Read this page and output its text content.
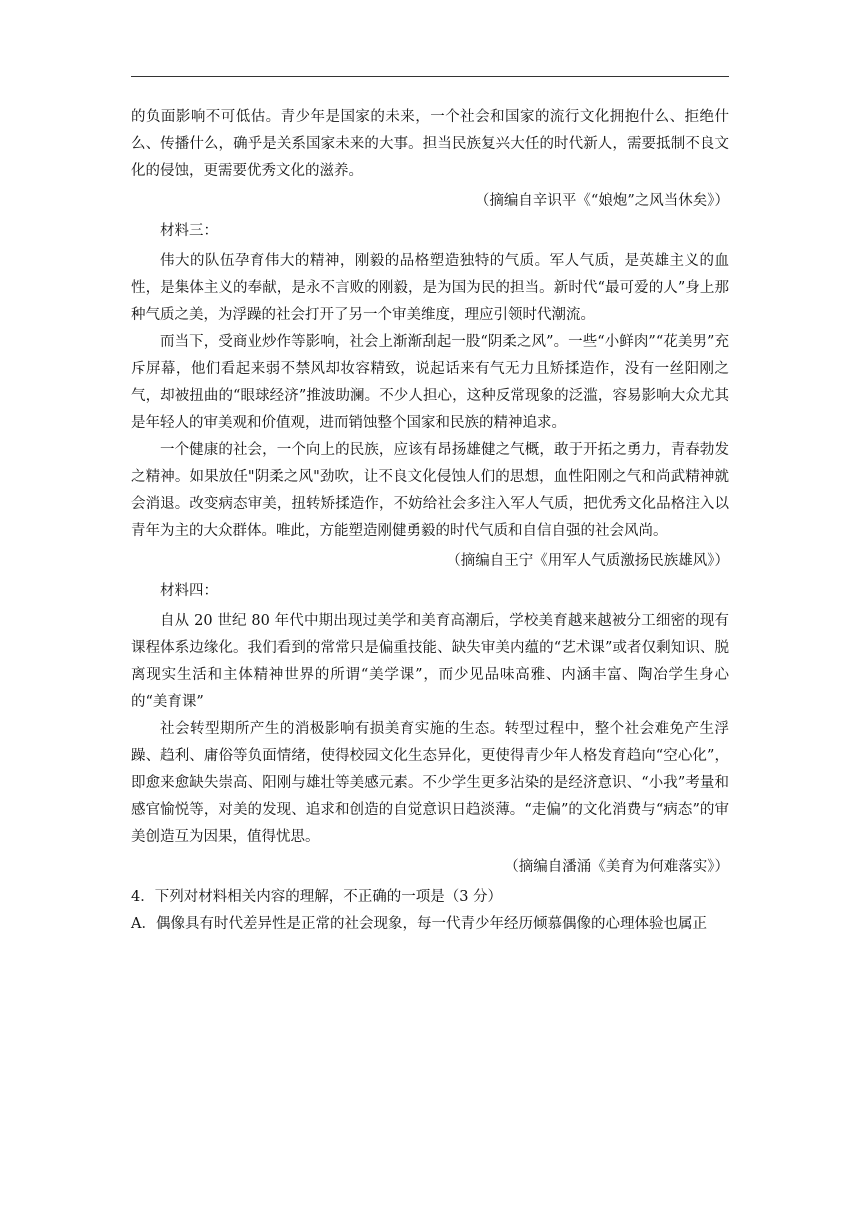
的负面影响不可低估。青少年是国家的未来，一个社会和国家的流行文化拥抱什么、拒绝什么、传播什么，确乎是关系国家未来的大事。担当民族复兴大任的时代新人，需要抵制不良文化的侵蚀，更需要优秀文化的滋养。

（摘编自辛识平《“娘炮”之风当休矣》）

材料三：

伟大的队伍孕育伟大的精神，刚毅的品格塑造独特的气质。军人气质，是英雄主义的血性，是集体主义的奉献，是永不言败的刚毅，是为国为民的担当。新时代“最可爱的人”身上那种气质之美，为浮躁的社会打开了另一个审美维度，理应引领时代潮流。

而当下，受商业炒作等影响，社会上渐渐刮起一股“阴柔之风”。一些“小鲜肉”“花美男”充斥屏幕，他们看起来弱不禁风却妆容精致，说起话来有气无力且矫揉造作，没有一丝阳刚之气，却被扭曲的“眼球经济”推波助澜。不少人担心，这种反常现象的泛滥，容易影响大众尤其是年轻人的审美观和价值观，进而销蚀整个国家和民族的精神追求。

一个健康的社会，一个向上的民族，应该有昂扬雄健之气概，敢于开拓之勇力，青春勃发之精神。如果放任"阴柔之风"劲吹，让不良文化侵蚀人们的思想，血性阳刚之气和尚武精神就会消退。改变病态审美，扭转矫揉造作，不妨给社会多注入军人气质，把优秀文化品格注入以青年为主的大众群体。唯此，方能塑造刚健勇毅的时代气质和自信自强的社会风尚。

（摘编自王宁《用军人气质激扬民族雄风》）

材料四：

自从 20 世纪 80 年代中期出现过美学和美育高潮后，学校美育越来越被分工细密的现有课程体系边缘化。我们看到的常常只是偏重技能、缺失审美内蕴的“艺术课”或者仅剩知识、脱离现实生活和主体精神世界的所谓“美学课”，而少见品味高雅、内涵丰富、陶冶学生身心的“美育课”

社会转型期所产生的消极影响有损美育实施的生态。转型过程中，整个社会难免产生浮躁、趋利、庸俗等负面情绪，使得校园文化生态异化，更使得青少年人格发育趋向“空心化”，即愈来愈缺失崇高、阳刚与雄壮等美感元素。不少学生更多沾染的是经济意识、“小我”考量和感官愉悦等，对美的发现、追求和创造的自觉意识日趋淡薄。“走偏”的文化消费与“病态”的审美创造互为因果，值得忧思。

（摘编自潘涌《美育为何难落实》）

4．下列对材料相关内容的理解，不正确的一项是（3 分）

A．偶像具有时代差异性是正常的社会现象，每一代青少年经历倾慕偶像的心理体验也属正
